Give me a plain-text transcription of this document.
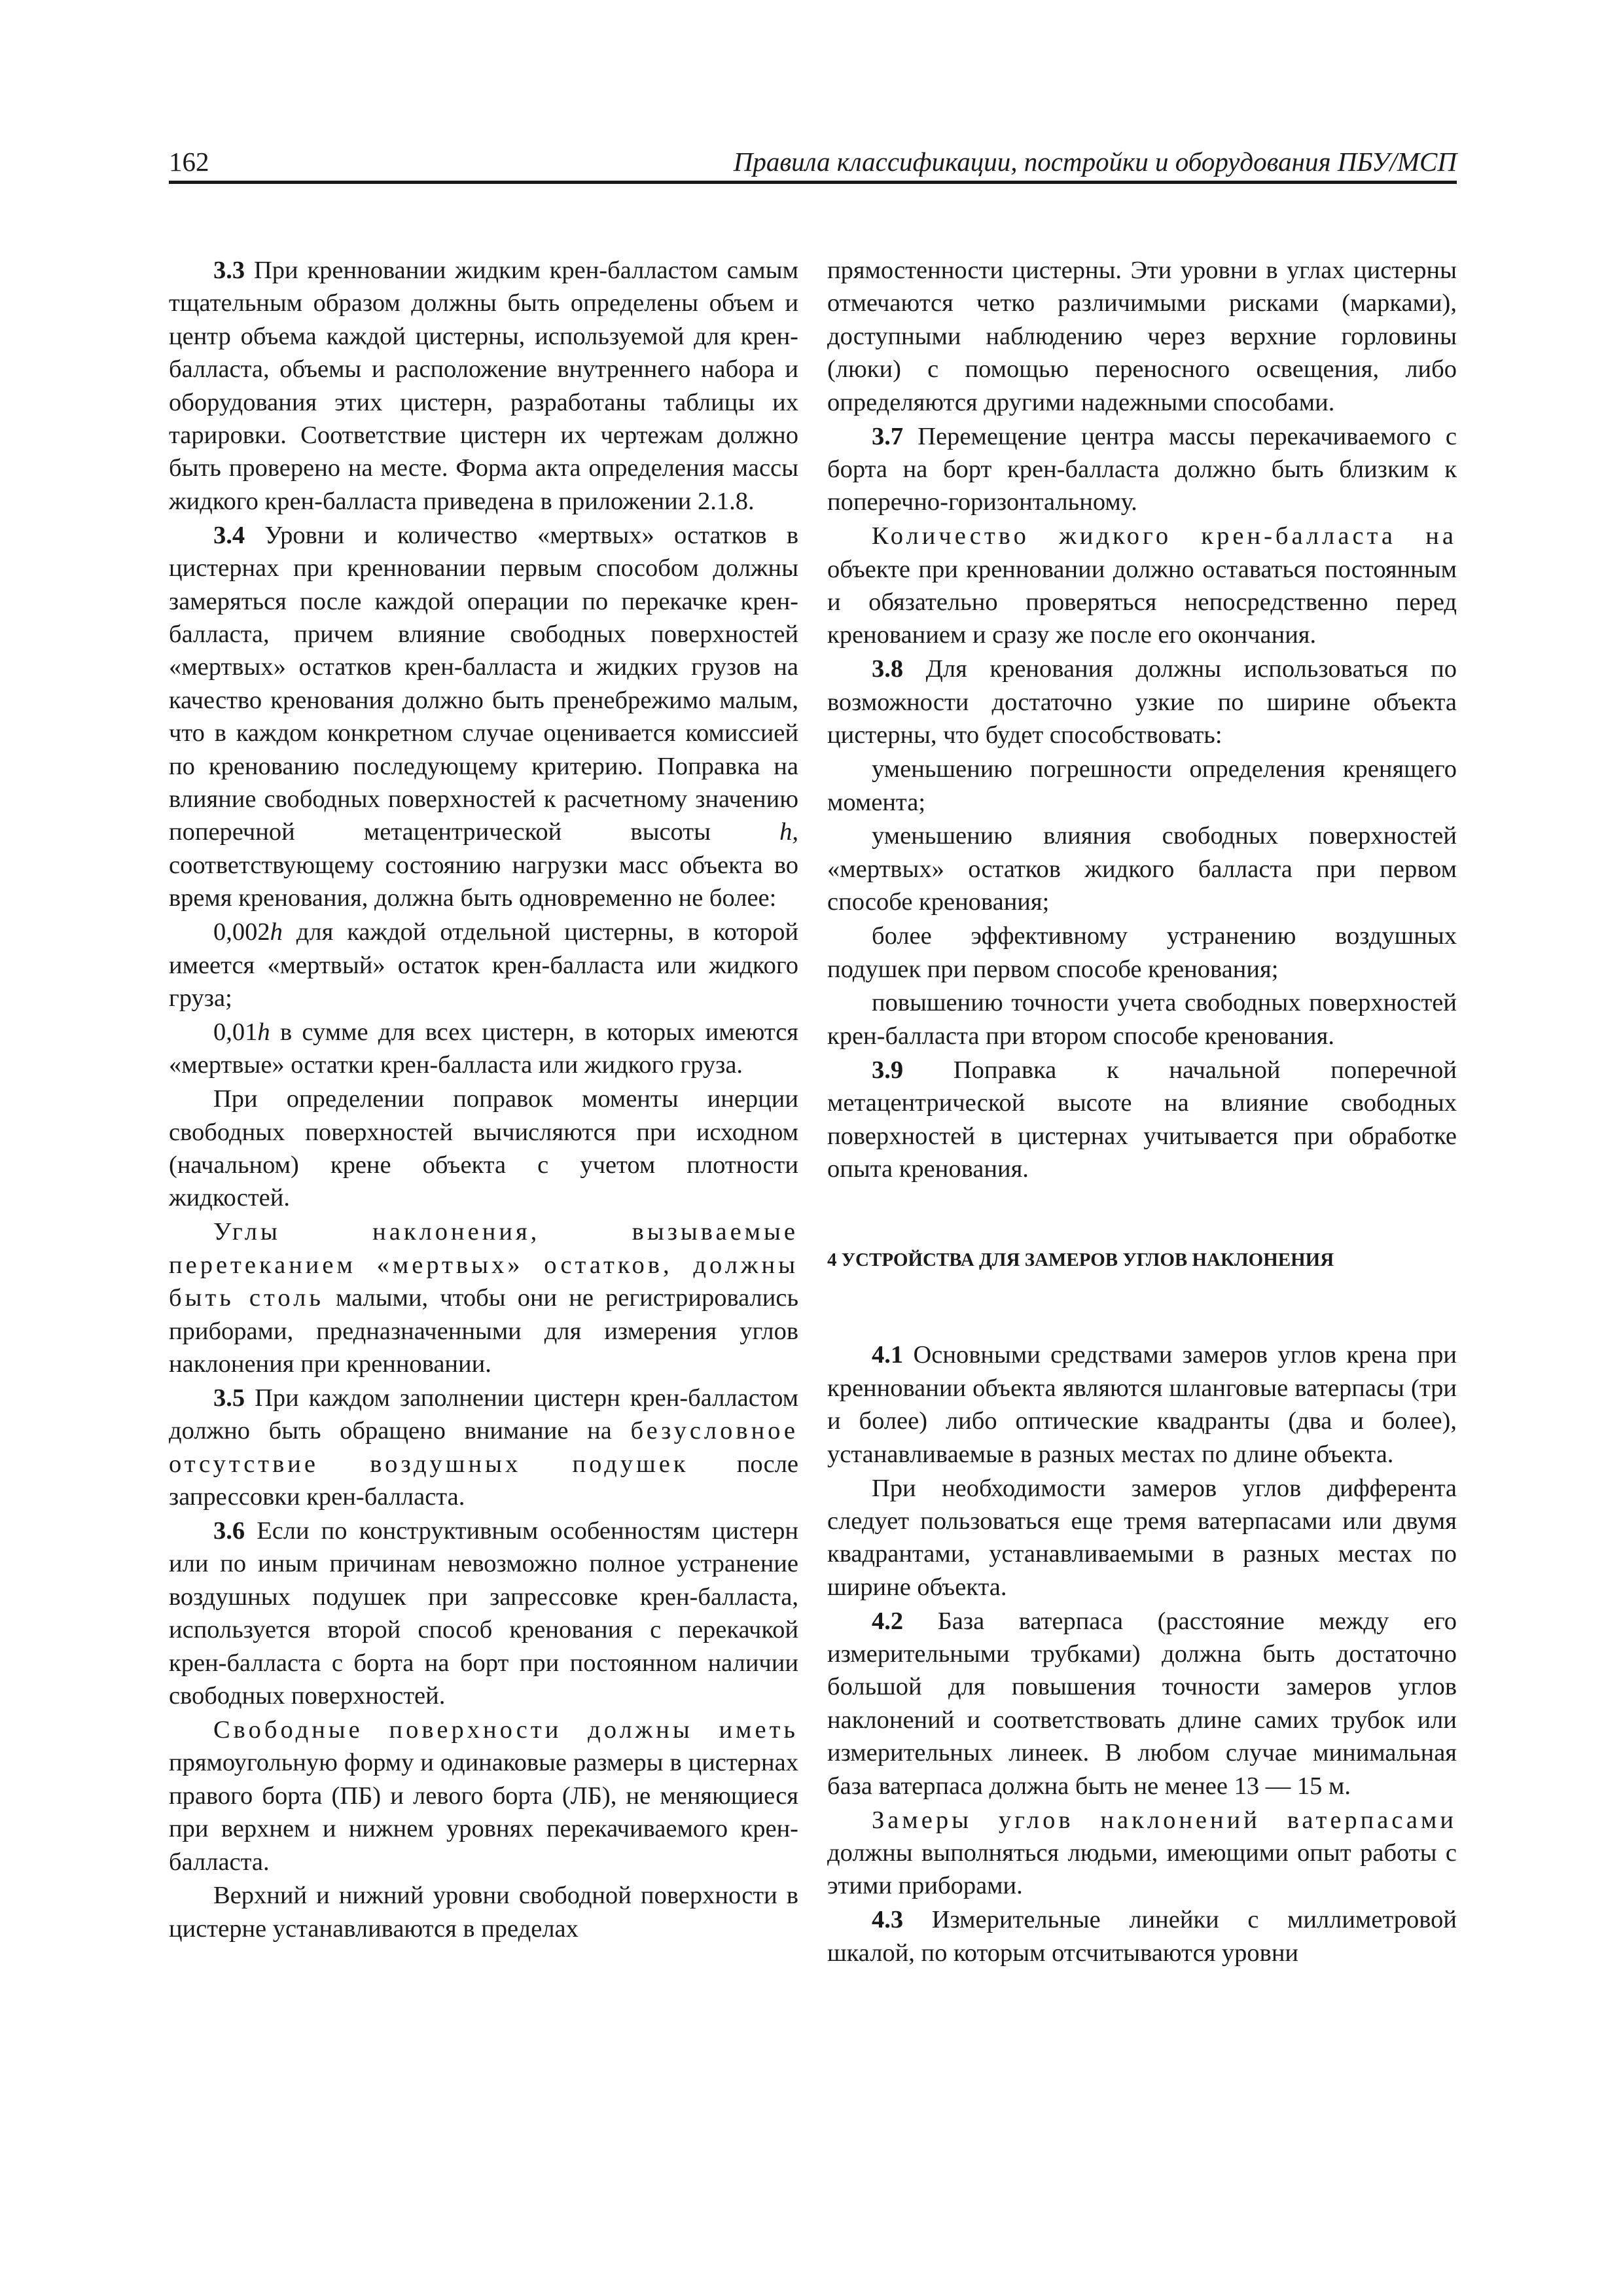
162	Правила классификации, постройки и оборудования ПБУ/МСП

3.3 При кренновании жидким крен-балластом самым тщательным образом должны быть определены объем и центр объема каждой цистерны, используемой для крен-балласта, объемы и расположение внутреннего набора и оборудования этих цистерн, разработаны таблицы их тарировки. Соответствие цистерн их чертежам должно быть проверено на месте. Форма акта определения массы жидкого крен-балласта приведена в приложении 2.1.8.

3.4 Уровни и количество «мертвых» остатков в цистернах при кренновании первым способом должны замеряться после каждой операции по перекачке крен-балласта, причем влияние свободных поверхностей «мертвых» остатков крен-балласта и жидких грузов на качество кренования должно быть пренебрежимо малым, что в каждом конкретном случае оценивается комиссией по кренованию последующему критерию. Поправка на влияние свободных поверхностей к расчетному значению поперечной метацентрической высоты	h, соответствующему состоянию нагрузки масс объекта во время кренования, должна быть одновременно не более:

0,002h для каждой отдельной цистерны, в которой имеется «мертвый» остаток крен-балласта или жидкого груза;

0,01h в сумме для всех цистерн, в которых имеются «мертвые» остатки крен-балласта или жидкого груза.

При определении поправок моменты инерции свободных поверхностей вычисляются при исходном (начальном) крене объекта с учетом плотности жидкостей.

Углы наклонения, вызываемые перетеканием «мертвых» остатков, должны быть столь малыми, чтобы они не регистрировались приборами, предназначенными для измерения углов наклонения при кренновании.

3.5 При каждом заполнении цистерн крен-балластом должно быть обращено внимание на безусловное отсутствие воздушных подушек после запрессовки крен-балласта.

3.6 Если по конструктивным особенностям цистерн или по иным причинам невозможно полное устранение воздушных подушек при запрессовке крен-балласта, используется второй способ кренования с перекачкой крен-балласта с борта на борт при постоянном наличии свободных поверхностей.

Свободные поверхности должны иметь прямоугольную форму и одинаковые размеры в цистернах правого борта (ПБ) и левого борта (ЛБ), не меняющиеся при верхнем и нижнем уровнях перекачиваемого крен-балласта.

Верхний и нижний уровни свободной поверхности в цистерне устанавливаются в пределах

прямостенности цистерны. Эти уровни в углах цистерны отмечаются четко различимыми рисками (марками), доступными наблюдению через верхние горловины (люки) с помощью переносного освещения, либо определяются другими надежными способами.

3.7 Перемещение центра массы перекачиваемого с борта на борт крен-балласта должно быть близким к поперечно-горизонтальному.

Количество жидкого крен-балласта на объекте при кренновании должно оставаться постоянным и обязательно проверяться непосредственно перед кренованием и сразу же после его окончания.

3.8 Для кренования должны использоваться по возможности достаточно узкие по ширине объекта цистерны, что будет способствовать:

уменьшению погрешности определения кренящего момента;

уменьшению влияния свободных поверхностей «мертвых» остатков жидкого балласта при первом способе кренования;

более эффективному устранению воздушных подушек при первом способе кренования;

повышению точности учета свободных поверхностей крен-балласта при втором способе кренования.

3.9 Поправка к начальной поперечной метацентрической высоте на влияние свободных поверхностей в цистернах учитывается при обработке опыта кренования.

4 УСТРОЙСТВА ДЛЯ ЗАМЕРОВ УГЛОВ НАКЛОНЕНИЯ

4.1 Основными средствами замеров углов крена при кренновании объекта являются шланговые ватерпасы (три и более) либо оптические квадранты (два и более), устанавливаемые в разных местах по длине объекта.

При необходимости замеров углов дифферента следует пользоваться еще тремя ватерпасами или двумя квадрантами, устанавливаемыми в разных местах по ширине объекта.

4.2 База ватерпаса (расстояние между его измерительными трубками) должна быть достаточно большой для повышения точности замеров углов наклонений и соответствовать длине самих трубок или измерительных линеек. В любом случае минимальная база ватерпаса должна быть не менее 13 — 15 м.

Замеры углов наклонений ватерпасами должны выполняться людьми, имеющими опыт работы с этими приборами.

4.3 Измерительные линейки с миллиметровой шкалой, по которым отсчитываются уровни
